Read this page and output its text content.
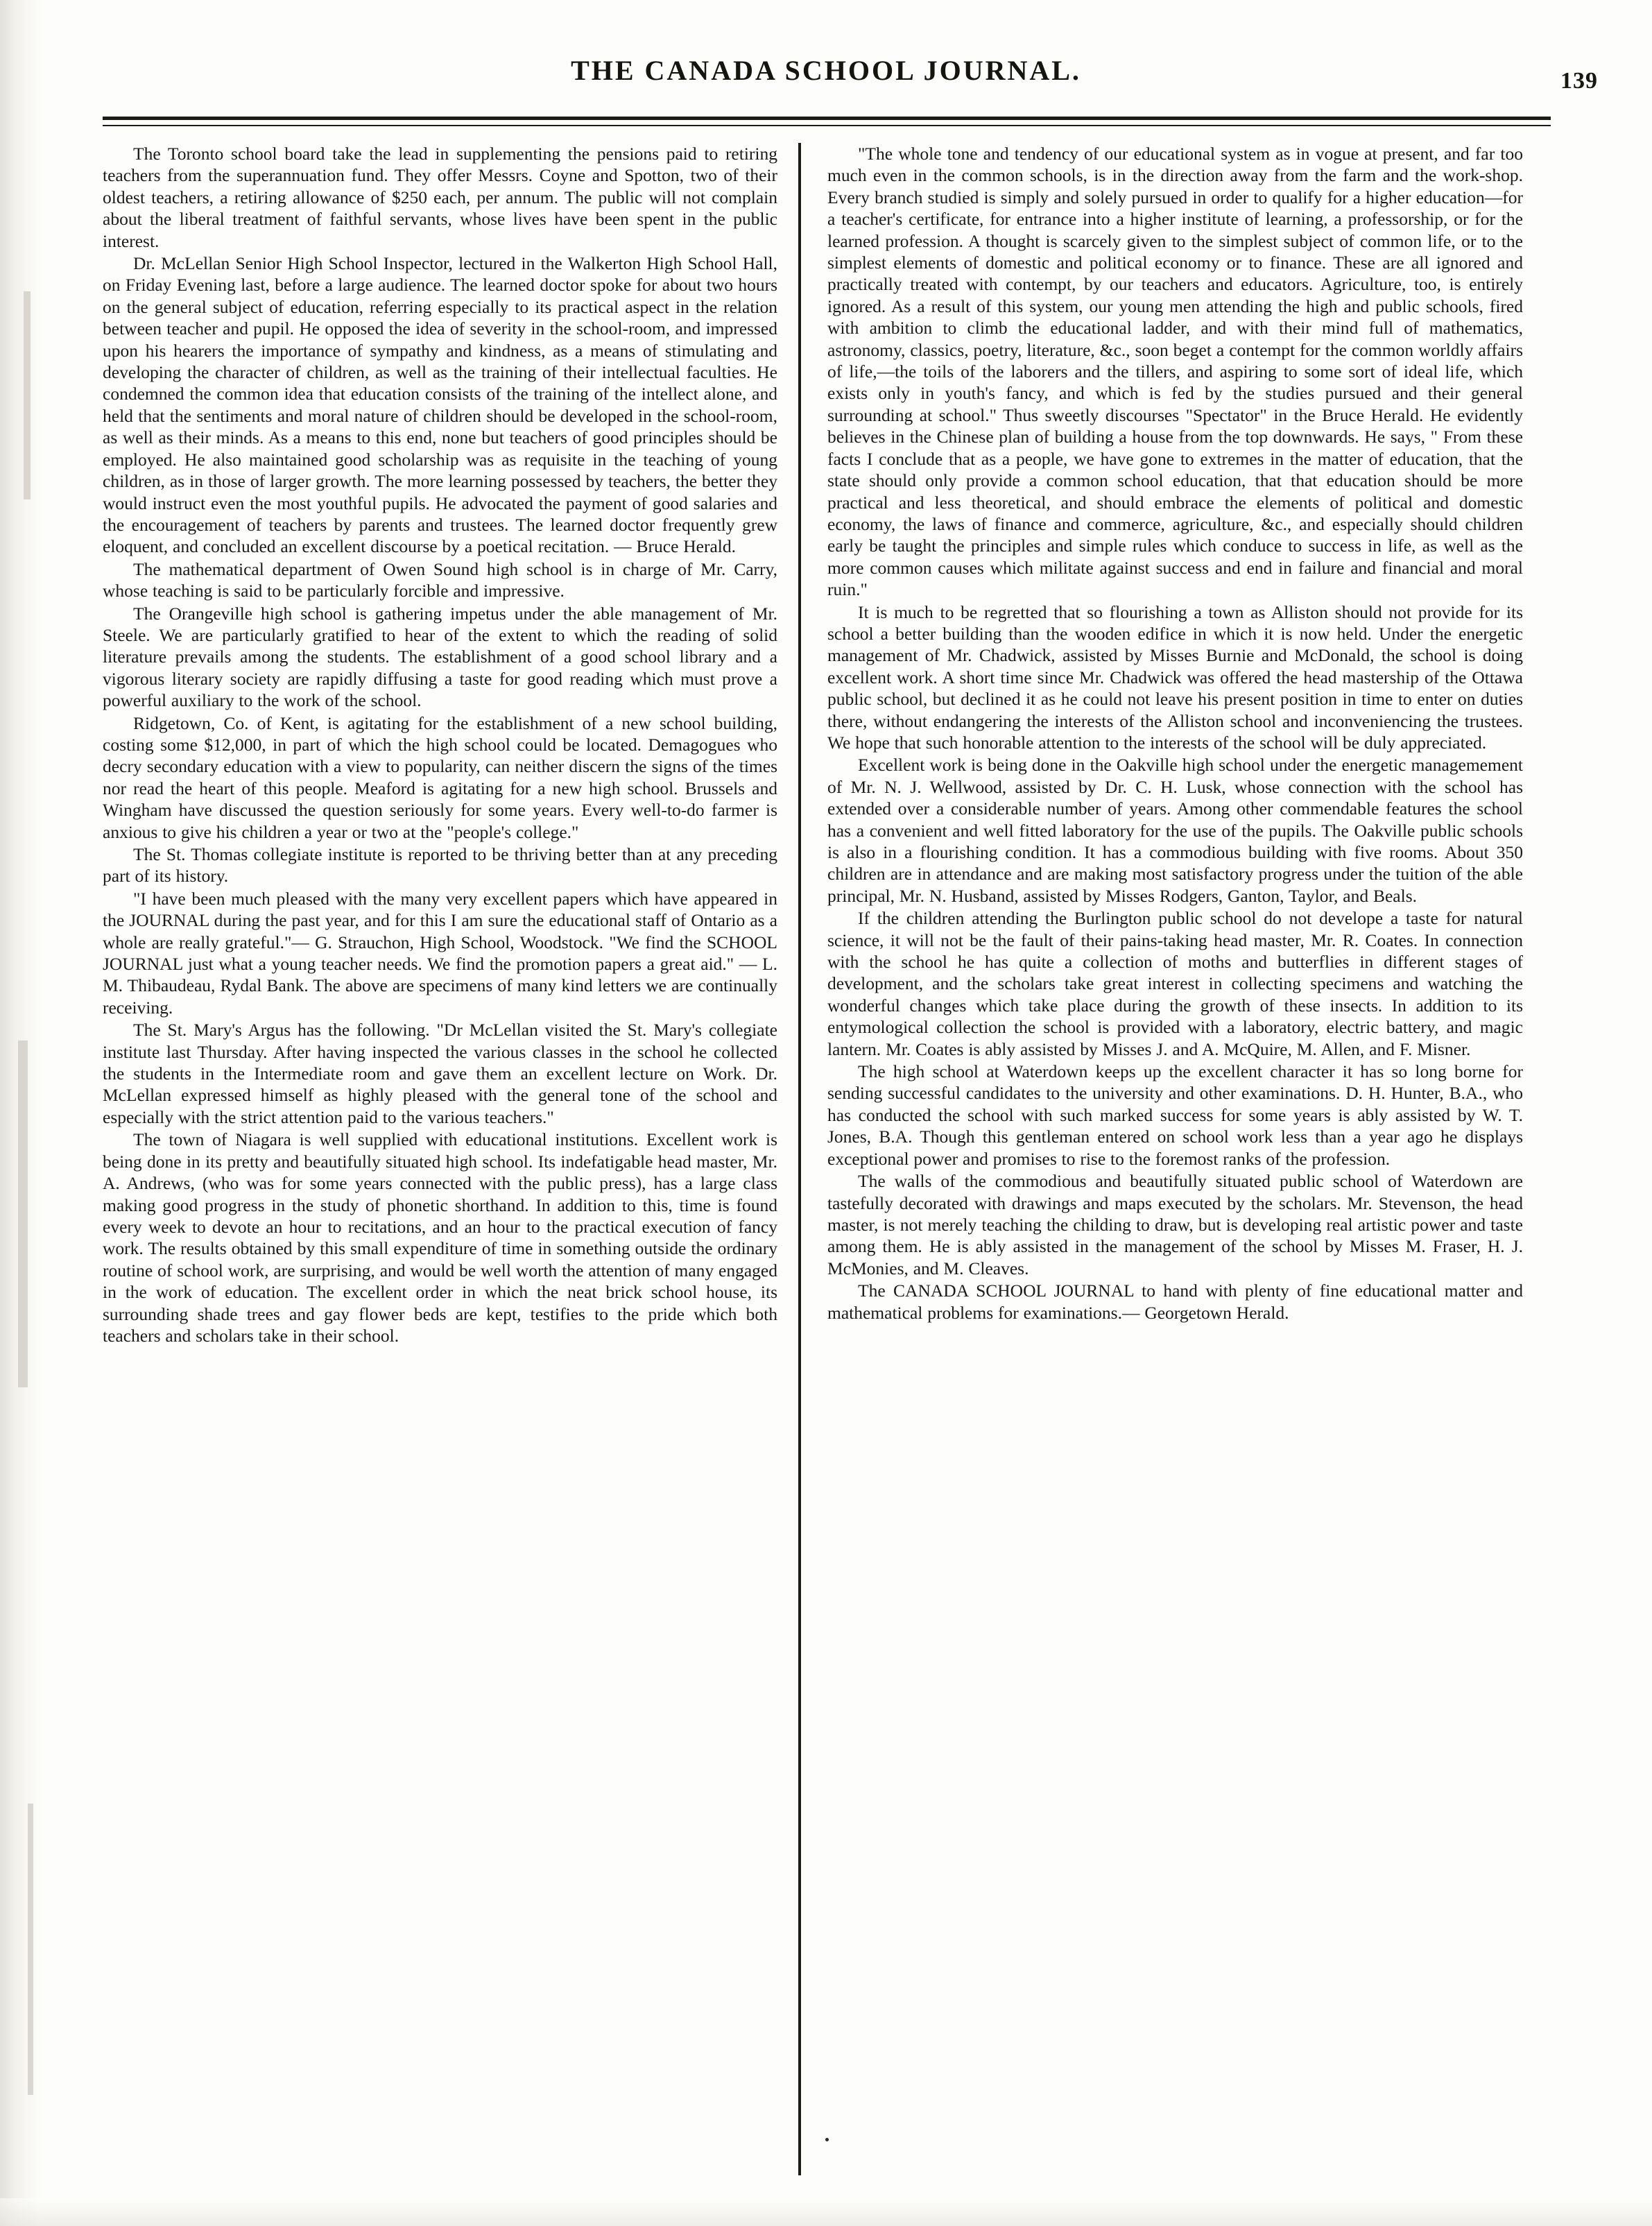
THE CANADA SCHOOL JOURNAL.	139

The Toronto school board take the lead in supplementing the pensions paid to retiring teachers from the superannuation fund. They offer Messrs. Coyne and Spotton, two of their oldest teachers, a retiring allowance of $250 each, per annum. The public will not complain about the liberal treatment of faithful servants, whose lives have been spent in the public interest.

Dr. McLellan Senior High School Inspector, lectured in the Walkerton High School Hall, on Friday Evening last, before a large audience. The learned doctor spoke for about two hours on the general subject of education, referring especially to its practical aspect in the relation between teacher and pupil. He opposed the idea of severity in the school-room, and impressed upon his hearers the importance of sympathy and kindness, as a means of stimulating and developing the character of children, as well as the training of their intellectual faculties. He condemned the common idea that education consists of the training of the intellect alone, and held that the sentiments and moral nature of children should be developed in the school-room, as well as their minds. As a means to this end, none but teachers of good principles should be employed. He also maintained good scholarship was as requisite in the teaching of young children, as in those of larger growth. The more learning possessed by teachers, the better they would instruct even the most youthful pupils. He advocated the payment of good salaries and the encouragement of teachers by parents and trustees. The learned doctor frequently grew eloquent, and concluded an excellent discourse by a poetical recitation. — Bruce Herald.

The mathematical department of Owen Sound high school is in charge of Mr. Carry, whose teaching is said to be particularly forcible and impressive.

The Orangeville high school is gathering impetus under the able management of Mr. Steele. We are particularly gratified to hear of the extent to which the reading of solid literature prevails among the students. The establishment of a good school library and a vigorous literary society are rapidly diffusing a taste for good reading which must prove a powerful auxiliary to the work of the school.

Ridgetown, Co. of Kent, is agitating for the establishment of a new school building, costing some $12,000, in part of which the high school could be located. Demagogues who decry secondary education with a view to popularity, can neither discern the signs of the times nor read the heart of this people. Meaford is agitating for a new high school. Brussels and Wingham have discussed the question seriously for some years. Every well-to-do farmer is anxious to give his children a year or two at the "people's college."

The St. Thomas collegiate institute is reported to be thriving better than at any preceding part of its history.

"I have been much pleased with the many very excellent papers which have appeared in the JOURNAL during the past year, and for this I am sure the educational staff of Ontario as a whole are really grateful."— G. Strauchon, High School, Woodstock. "We find the SCHOOL JOURNAL just what a young teacher needs. We find the promotion papers a great aid." — L. M. Thibaudeau, Rydal Bank. The above are specimens of many kind letters we are continually receiving.

The St. Mary's Argus has the following. "Dr McLellan visited the St. Mary's collegiate institute last Thursday. After having inspected the various classes in the school he collected the students in the Intermediate room and gave them an excellent lecture on Work. Dr. McLellan expressed himself as highly pleased with the general tone of the school and especially with the strict attention paid to the various teachers."

The town of Niagara is well supplied with educational institutions. Excellent work is being done in its pretty and beautifully situated high school. Its indefatigable head master, Mr. A. Andrews, (who was for some years connected with the public press), has a large class making good progress in the study of phonetic shorthand. In addition to this, time is found every week to devote an hour to recitations, and an hour to the practical execution of fancy work. The results obtained by this small expenditure of time in something outside the ordinary routine of school work, are surprising, and would be well worth the attention of many engaged in the work of education. The excellent order in which the neat brick school house, its surrounding shade trees and gay flower beds are kept, testifies to the pride which both teachers and scholars take in their school.

"The whole tone and tendency of our educational system as in vogue at present, and far too much even in the common schools, is in the direction away from the farm and the work-shop. Every branch studied is simply and solely pursued in order to qualify for a higher education—for a teacher's certificate, for entrance into a higher institute of learning, a professorship, or for the learned profession. A thought is scarcely given to the simplest subject of common life, or to the simplest elements of domestic and political economy or to finance. These are all ignored and practically treated with contempt, by our teachers and educators. Agriculture, too, is entirely ignored. As a result of this system, our young men attending the high and public schools, fired with ambition to climb the educational ladder, and with their mind full of mathematics, astronomy, classics, poetry, literature, &c., soon beget a contempt for the common worldly affairs of life,—the toils of the laborers and the tillers, and aspiring to some sort of ideal life, which exists only in youth's fancy, and which is fed by the studies pursued and their general surrounding at school." Thus sweetly discourses "Spectator" in the Bruce Herald. He evidently believes in the Chinese plan of building a house from the top downwards. He says, " From these facts I conclude that as a people, we have gone to extremes in the matter of education, that the state should only provide a common school education, that that education should be more practical and less theoretical, and should embrace the elements of political and domestic economy, the laws of finance and commerce, agriculture, &c., and especially should children early be taught the principles and simple rules which conduce to success in life, as well as the more common causes which militate against success and end in failure and financial and moral ruin."

It is much to be regretted that so flourishing a town as Alliston should not provide for its school a better building than the wooden edifice in which it is now held. Under the energetic management of Mr. Chadwick, assisted by Misses Burnie and McDonald, the school is doing excellent work. A short time since Mr. Chadwick was offered the head mastership of the Ottawa public school, but declined it as he could not leave his present position in time to enter on duties there, without endangering the interests of the Alliston school and inconveniencing the trustees. We hope that such honorable attention to the interests of the school will be duly appreciated.

Excellent work is being done in the Oakville high school under the energetic managemement of Mr. N. J. Wellwood, assisted by Dr. C. H. Lusk, whose connection with the school has extended over a considerable number of years. Among other commendable features the school has a convenient and well fitted laboratory for the use of the pupils. The Oakville public schools is also in a flourishing condition. It has a commodious building with five rooms. About 350 children are in attendance and are making most satisfactory progress under the tuition of the able principal, Mr. N. Husband, assisted by Misses Rodgers, Ganton, Taylor, and Beals.

If the children attending the Burlington public school do not develope a taste for natural science, it will not be the fault of their pains-taking head master, Mr. R. Coates. In connection with the school he has quite a collection of moths and butterflies in different stages of development, and the scholars take great interest in collecting specimens and watching the wonderful changes which take place during the growth of these insects. In addition to its entymological collection the school is provided with a laboratory, electric battery, and magic lantern. Mr. Coates is ably assisted by Misses J. and A. McQuire, M. Allen, and F. Misner.

The high school at Waterdown keeps up the excellent character it has so long borne for sending successful candidates to the university and other examinations. D. H. Hunter, B.A., who has conducted the school with such marked success for some years is ably assisted by W. T. Jones, B.A. Though this gentleman entered on school work less than a year ago he displays exceptional power and promises to rise to the foremost ranks of the profession.

The walls of the commodious and beautifully situated public school of Waterdown are tastefully decorated with drawings and maps executed by the scholars. Mr. Stevenson, the head master, is not merely teaching the childing to draw, but is developing real artistic power and taste among them. He is ably assisted in the management of the school by Misses M. Fraser, H. J. McMonies, and M. Cleaves.

The CANADA SCHOOL JOURNAL to hand with plenty of fine educational matter and mathematical problems for examinations.— Georgetown Herald.
